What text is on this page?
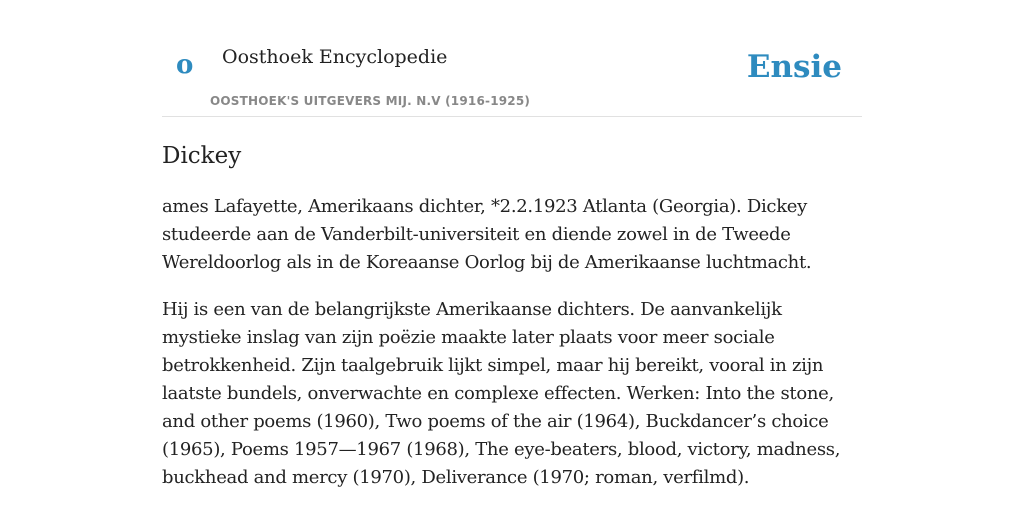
o Oosthoek Encyclopedie
OOSTHOEK'S UITGEVERS MIJ. N.V (1916-1925)
Ensie
Dickey

ames Lafayette, Amerikaans dichter, *2.2.1923 Atlanta (Georgia). Dickey studeerde aan de Vanderbilt-universiteit en diende zowel in de Tweede Wereldoorlog als in de Koreaanse Oorlog bij de Amerikaanse luchtmacht.

Hij is een van de belangrijkste Amerikaanse dichters. De aanvankelijk mystieke inslag van zijn poëzie maakte later plaats voor meer sociale betrokkenheid. Zijn taalgebruik lijkt simpel, maar hij bereikt, vooral in zijn laatste bundels, onverwachte en complexe effecten. Werken: Into the stone, and other poems (1960), Two poems of the air (1964), Buckdancer’s choice (1965), Poems 1957—1967 (1968), The eye-beaters, blood, victory, madness, buckhead and mercy (1970), Deliverance (1970; roman, verfilmd).
